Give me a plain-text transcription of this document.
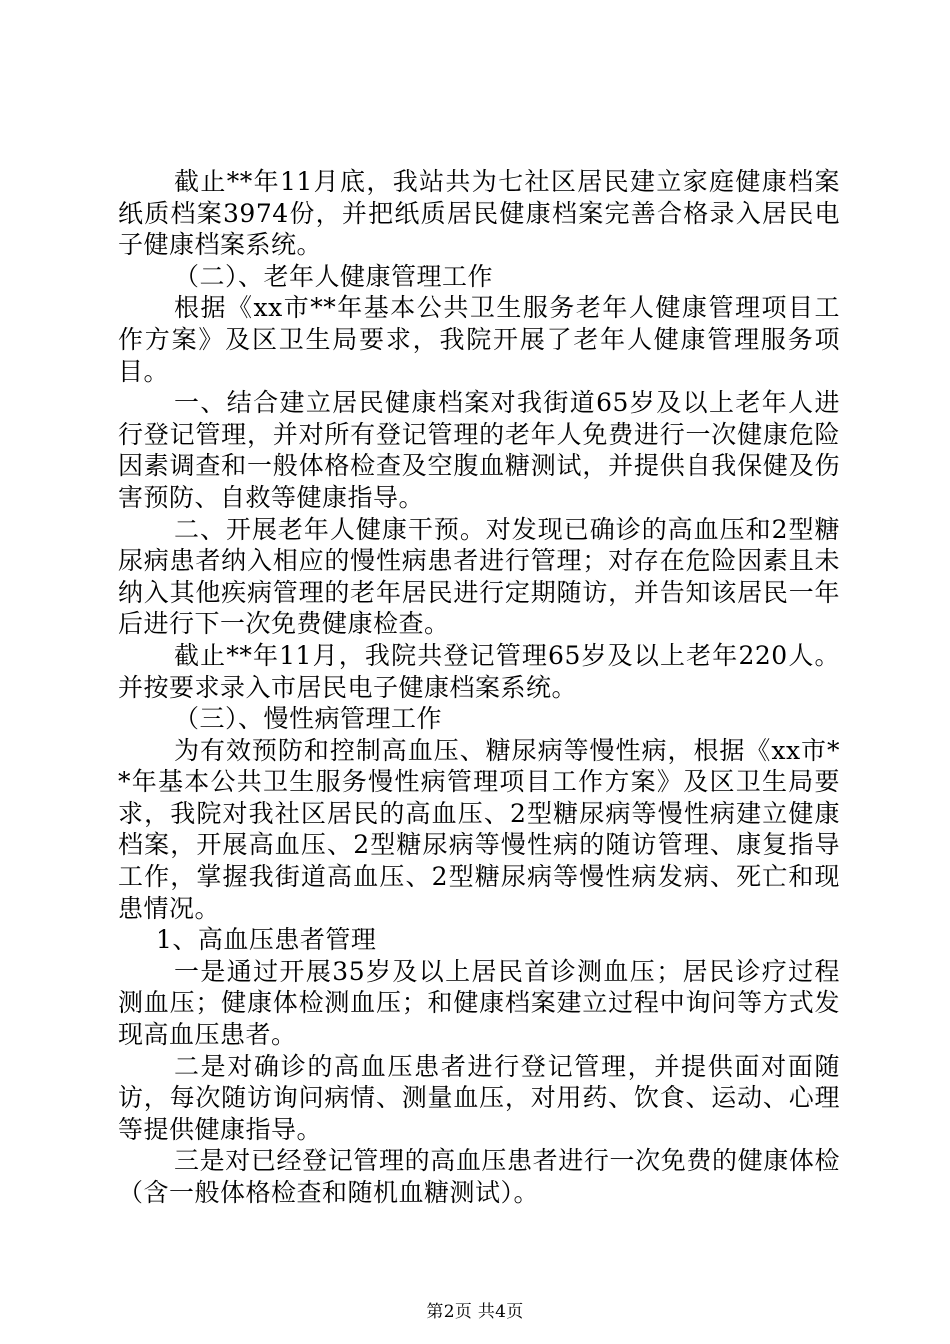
截止**年11月底，我站共为七社区居民建立家庭健康档案纸质档案3974份，并把纸质居民健康档案完善合格录入居民电子健康档案系统。

（二）、老年人健康管理工作

根据《xx市**年基本公共卫生服务老年人健康管理项目工作方案》及区卫生局要求，我院开展了老年人健康管理服务项目。

一、结合建立居民健康档案对我街道65岁及以上老年人进行登记管理，并对所有登记管理的老年人免费进行一次健康危险因素调查和一般体格检查及空腹血糖测试，并提供自我保健及伤害预防、自救等健康指导。

二、开展老年人健康干预。对发现已确诊的高血压和2型糖尿病患者纳入相应的慢性病患者进行管理；对存在危险因素且未纳入其他疾病管理的老年居民进行定期随访，并告知该居民一年后进行下一次免费健康检查。

截止**年11月，我院共登记管理65岁及以上老年220人。并按要求录入市居民电子健康档案系统。

（三）、慢性病管理工作

为有效预防和控制高血压、糖尿病等慢性病，根据《xx市**年基本公共卫生服务慢性病管理项目工作方案》及区卫生局要求，我院对我社区居民的高血压、2型糖尿病等慢性病建立健康档案，开展高血压、2型糖尿病等慢性病的随访管理、康复指导工作，掌握我街道高血压、2型糖尿病等慢性病发病、死亡和现患情况。

1、高血压患者管理

一是通过开展35岁及以上居民首诊测血压；居民诊疗过程测血压；健康体检测血压；和健康档案建立过程中询问等方式发现高血压患者。

二是对确诊的高血压患者进行登记管理，并提供面对面随访，每次随访询问病情、测量血压，对用药、饮食、运动、心理等提供健康指导。

三是对已经登记管理的高血压患者进行一次免费的健康体检（含一般体格检查和随机血糖测试）。

第2页 共4页
